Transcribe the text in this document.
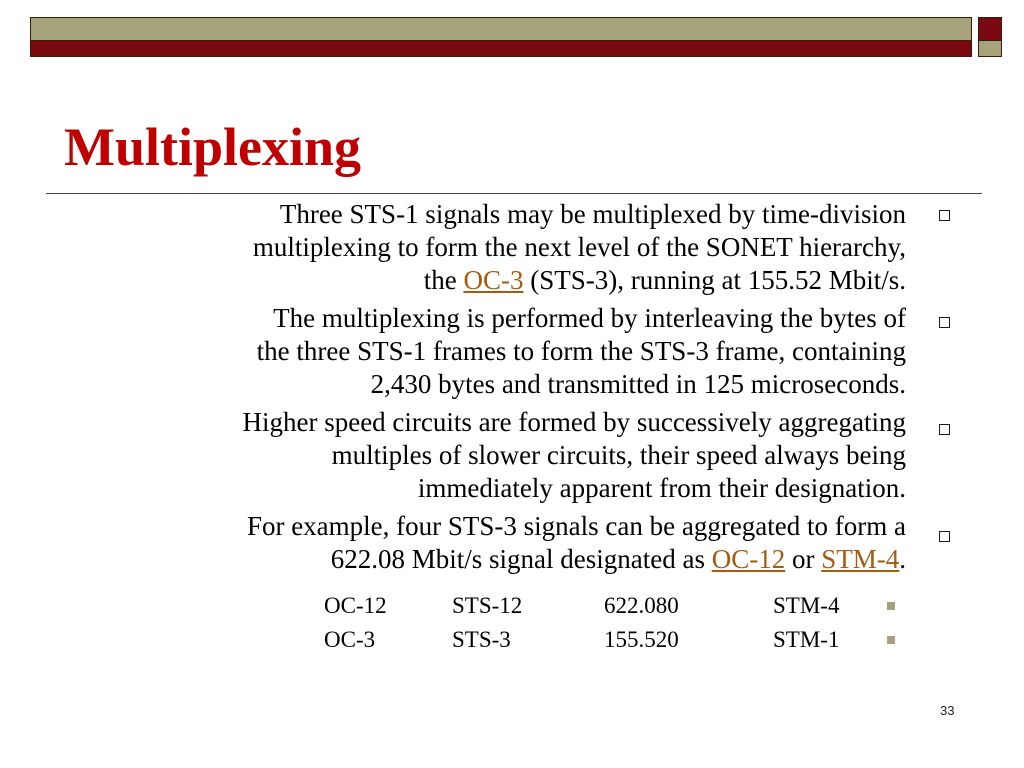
Multiplexing

Three STS-1 signals may be multiplexed by time-division
multiplexing to form the next level of the SONET hierarchy,
the OC-3 (STS-3), running at 155.52 Mbit/s.

The multiplexing is performed by interleaving the bytes of
the three STS-1 frames to form the STS-3 frame, containing
2,430 bytes and transmitted in 125 microseconds.

Higher speed circuits are formed by successively aggregating
multiples of slower circuits, their speed always being
immediately apparent from their designation.

For example, four STS-3 signals can be aggregated to form a
622.08 Mbit/s signal designated as OC-12 or STM-4.

OC-12	STS-12	622.080	STM-4
OC-3	STS-3	155.520	STM-1
33
